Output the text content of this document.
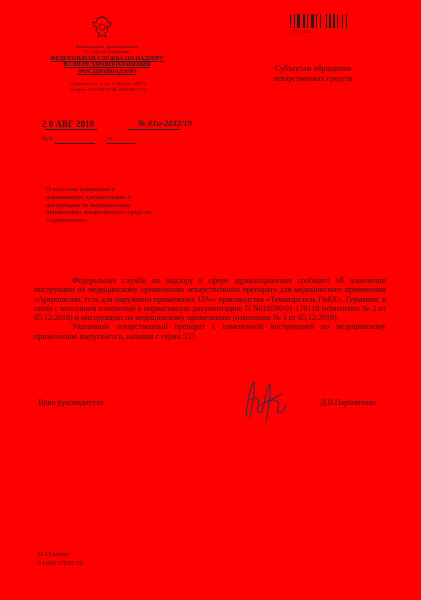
Министерство здравоохранения
Российской Федерации
ФЕДЕРАЛЬНАЯ СЛУЖБА ПО НАДЗОРУ
В СФЕРЕ ЗДРАВООХРАНЕНИЯ
(РОСЗДРАВНАДЗОР)
Славянская пл. 4, стр. 1, Москва, 109074
Телефон: (495) 698 45 38; (495) 698 15 74
2 0 АВГ 2019	№ 01и-2032/19
На №	от
2710142
Субъектам обращения
лекарственных средств
О внесении изменений в
нормативную документацию и
инструкцию по медицинскому
применению лекарственного средства
«Артропилон»

Федеральная служба по надзору в сфере здравоохранения сообщает об изменении инструкции по медицинскому применению лекарственного препарата для медицинского применения «Артропилон, гель для наружного применения 15%» производства «Темавзрезоль ГмбХ», Германия, в связи с внесением изменений в нормативную документацию П N010596/01-170118 (изменение № 2 от 05.12.2018) и инструкцию по медицинскому применению (изменение № 3 от 05.12.2018).

Указанный лекарственный препарат с измененной инструкцией по медицинскому применению выпускается, начиная с серии 557.

Врио руководителя	Д.В.Пархоменко
П.З.Еленин
8 (499) 578 02 19
